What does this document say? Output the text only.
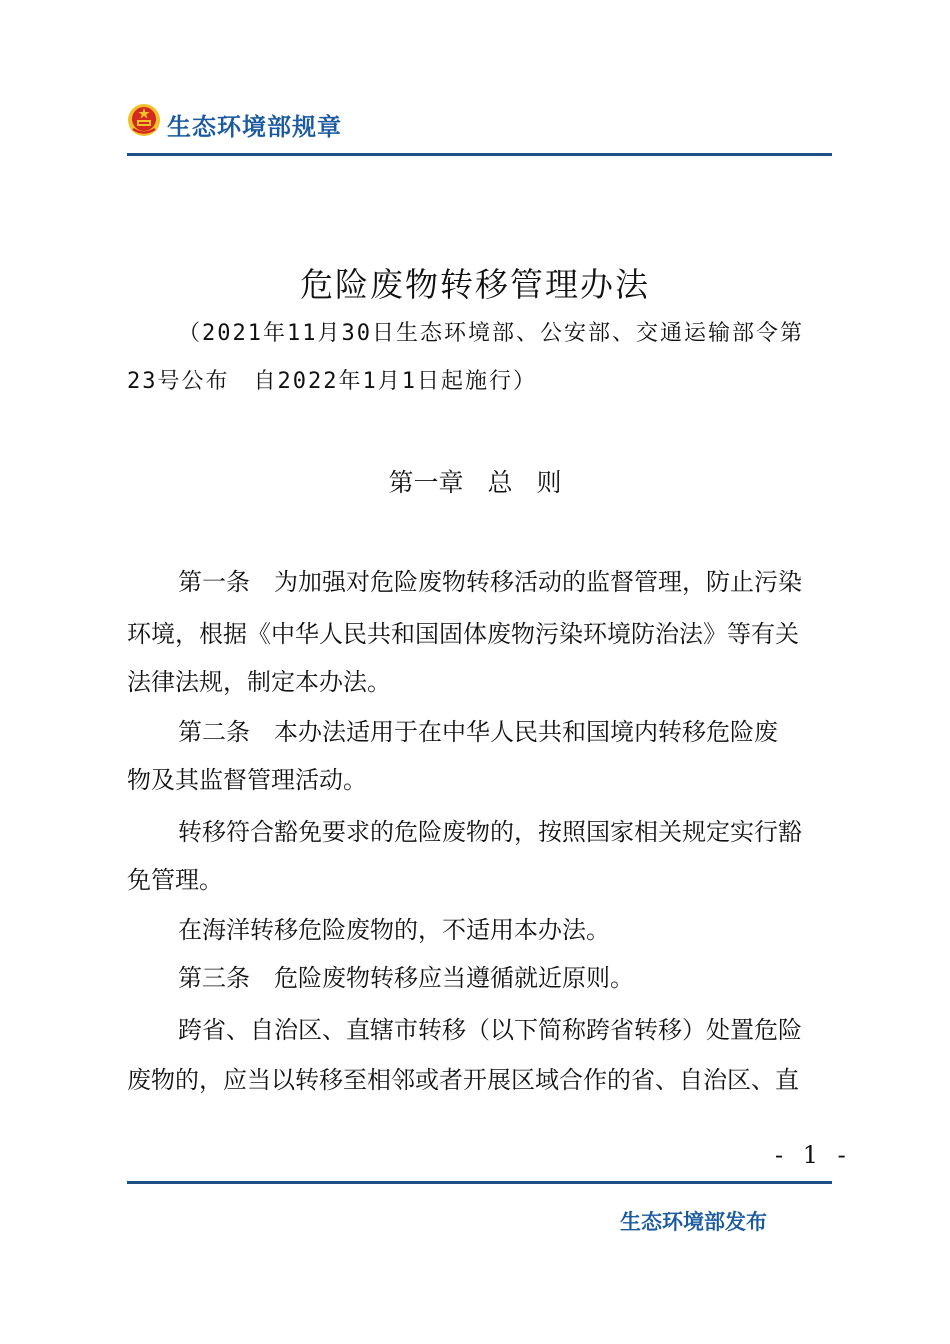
生态环境部规章
危险废物转移管理办法
（2021年11月30日生态环境部、公安部、交通运输部令第
23号公布　自2022年1月1日起施行）
第一章 总 则
第一条　为加强对危险废物转移活动的监督管理，防止污染
环境，根据《中华人民共和国固体废物污染环境防治法》等有关
法律法规，制定本办法。
第二条　本办法适用于在中华人民共和国境内转移危险废
物及其监督管理活动。
转移符合豁免要求的危险废物的，按照国家相关规定实行豁
免管理。
在海洋转移危险废物的，不适用本办法。
第三条　危险废物转移应当遵循就近原则。
跨省、自治区、直辖市转移（以下简称跨省转移）处置危险
废物的，应当以转移至相邻或者开展区域合作的省、自治区、直
- 1 -
生态环境部发布
